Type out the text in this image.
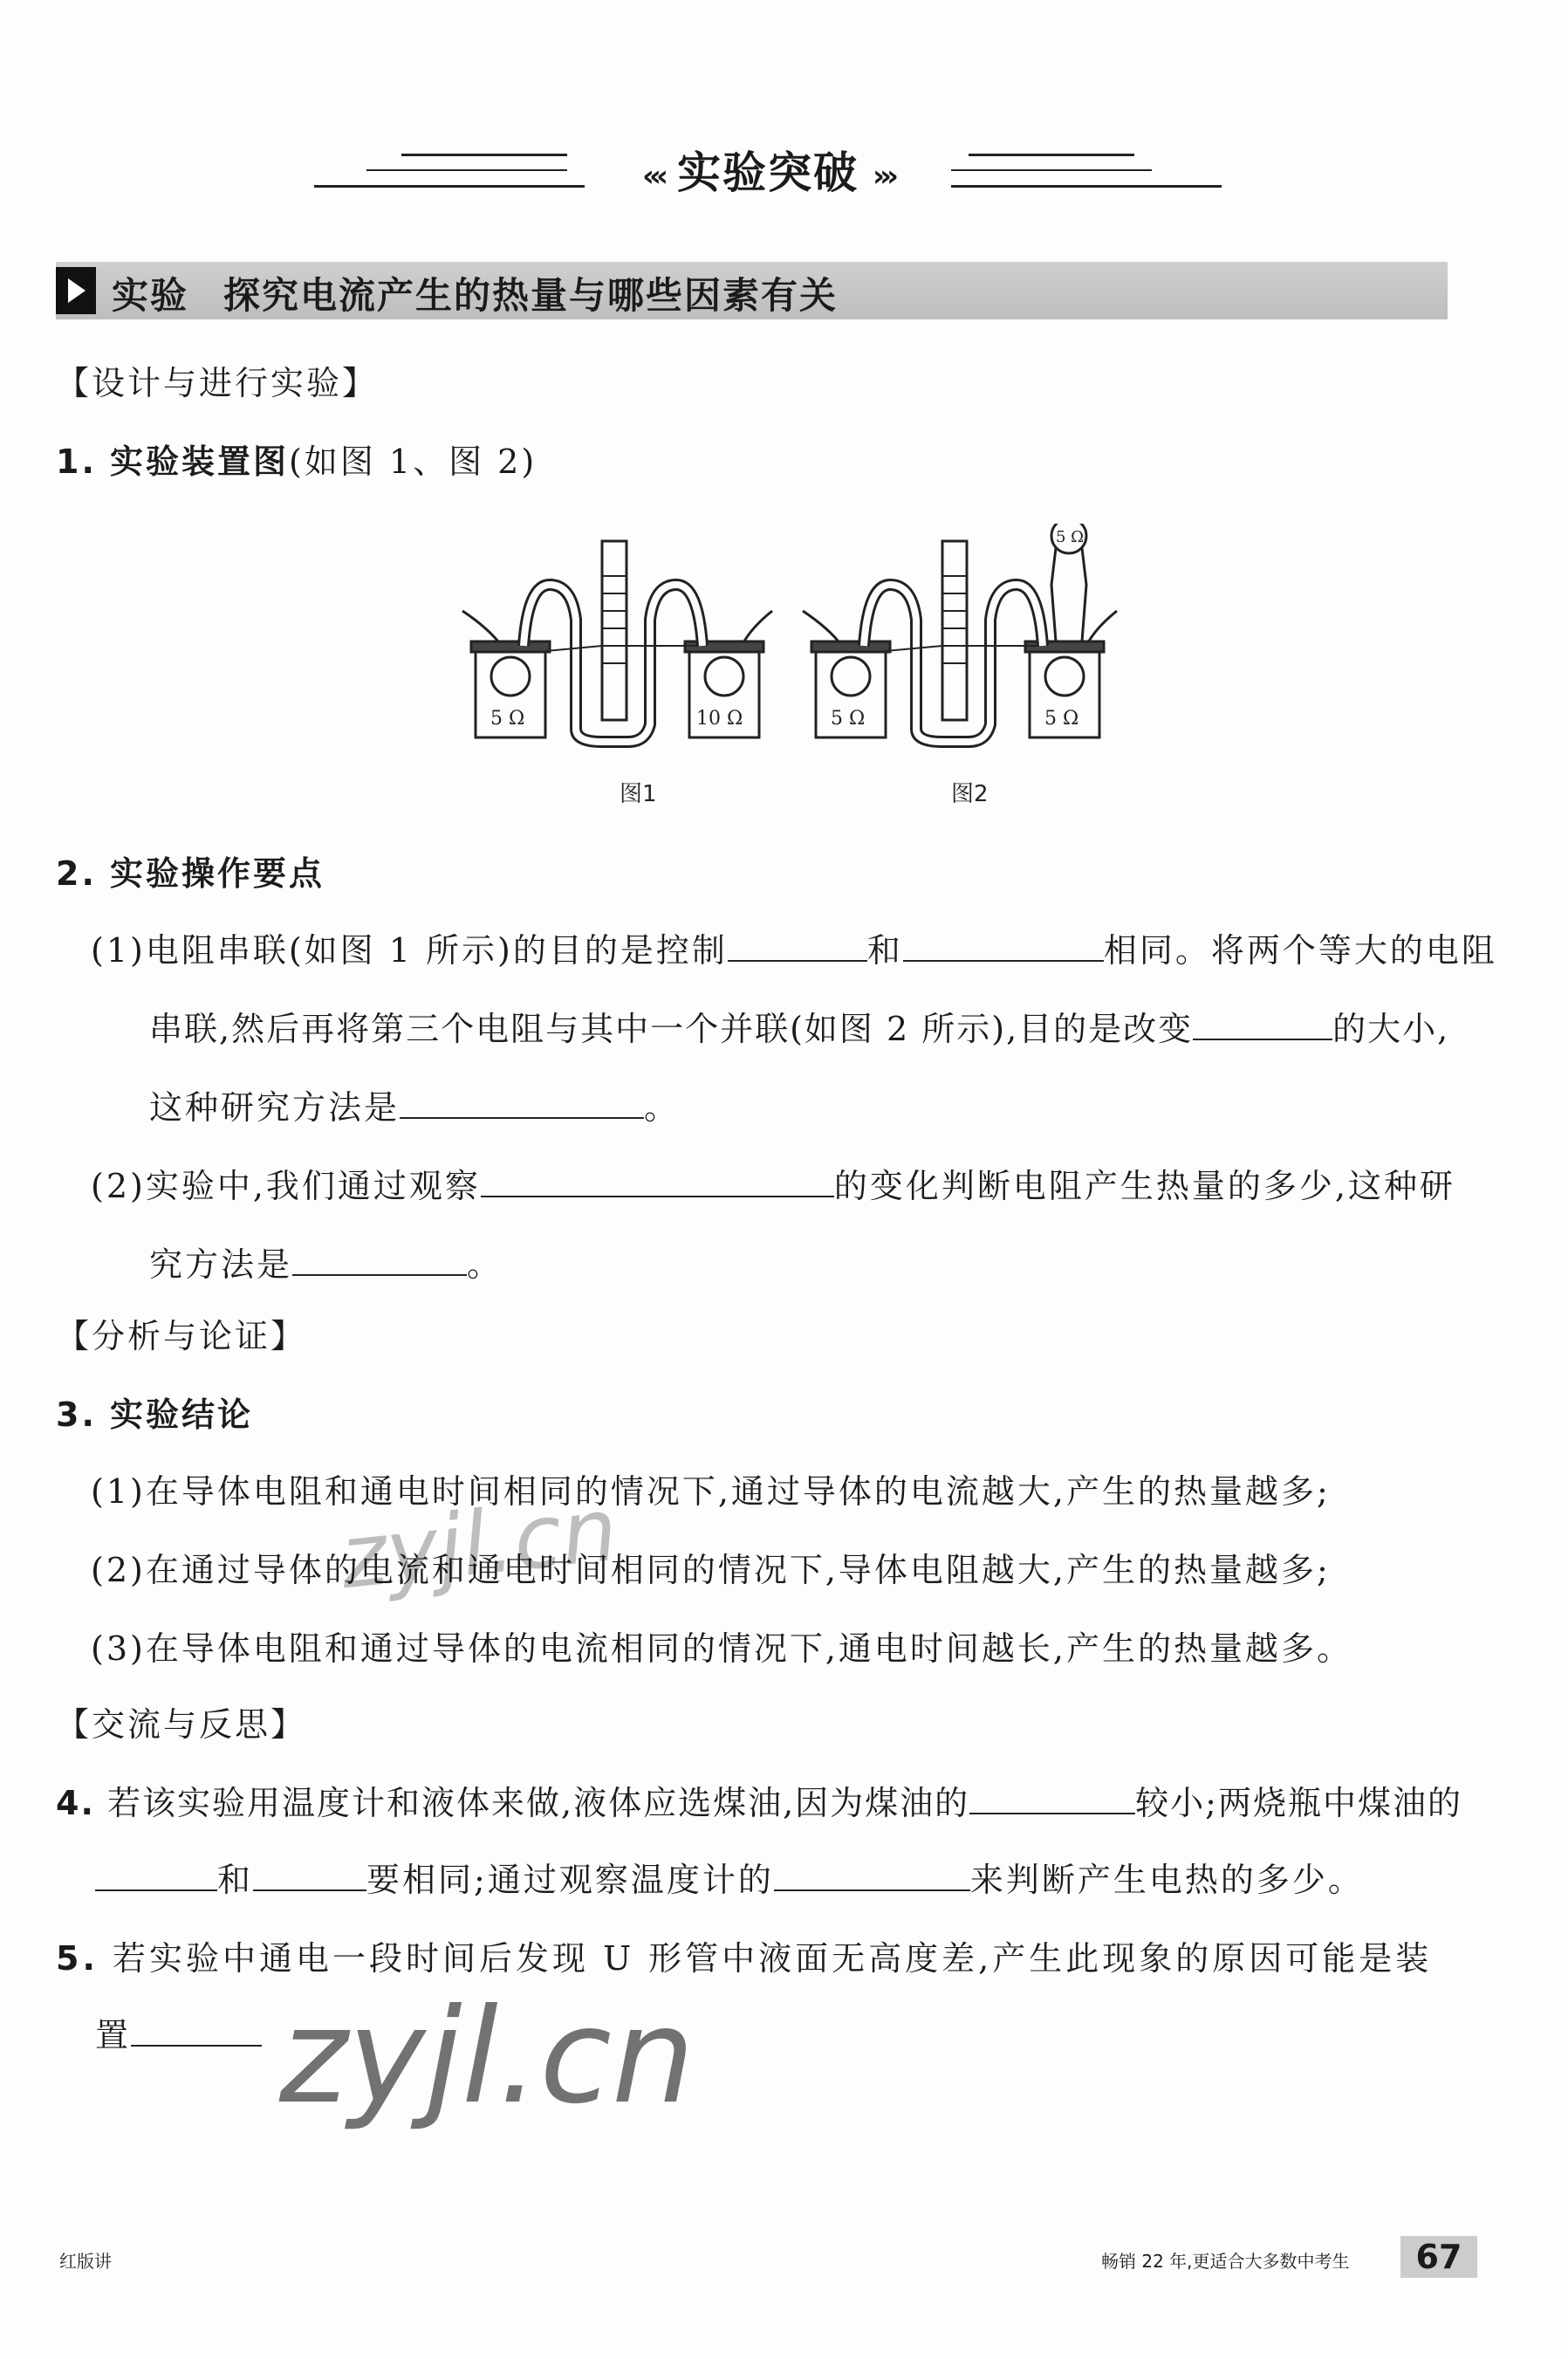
‹‹‹ 实验突破 ›››
实验 探究电流产生的热量与哪些因素有关
【设计与进行实验】
1. 实验装置图(如图 1、图 2)
5 Ω	10 Ω	5 Ω	5 Ω
5 Ω
图1	图2
2. 实验操作要点
(1)电阻串联(如图 1 所示)的目的是控制	和	相同。将两个等大的电阻
串联,然后再将第三个电阻与其中一个并联(如图 2 所示),目的是改变	的大小,
这种研究方法是	。
(2)实验中,我们通过观察	的变化判断电阻产生热量的多少,这种研
究方法是	。
【分析与论证】
3. 实验结论
(1)在导体电阻和通电时间相同的情况下,通过导体的电流越大,产生的热量越多;
(2)在通过导体的电流和通电时间相同的情况下,导体电阻越大,产生的热量越多;
(3)在导体电阻和通过导体的电流相同的情况下,通电时间越长,产生的热量越多。
【交流与反思】
4. 若该实验用温度计和液体来做,液体应选煤油,因为煤油的	较小;两烧瓶中煤油的
和	要相同;通过观察温度计的	来判断产生电热的多少。
5. 若实验中通电一段时间后发现 U 形管中液面无高度差,产生此现象的原因可能是装
置
zyjl.cn
zyjl.cn
红版讲	畅销 22 年,更适合大多数中考生	67
